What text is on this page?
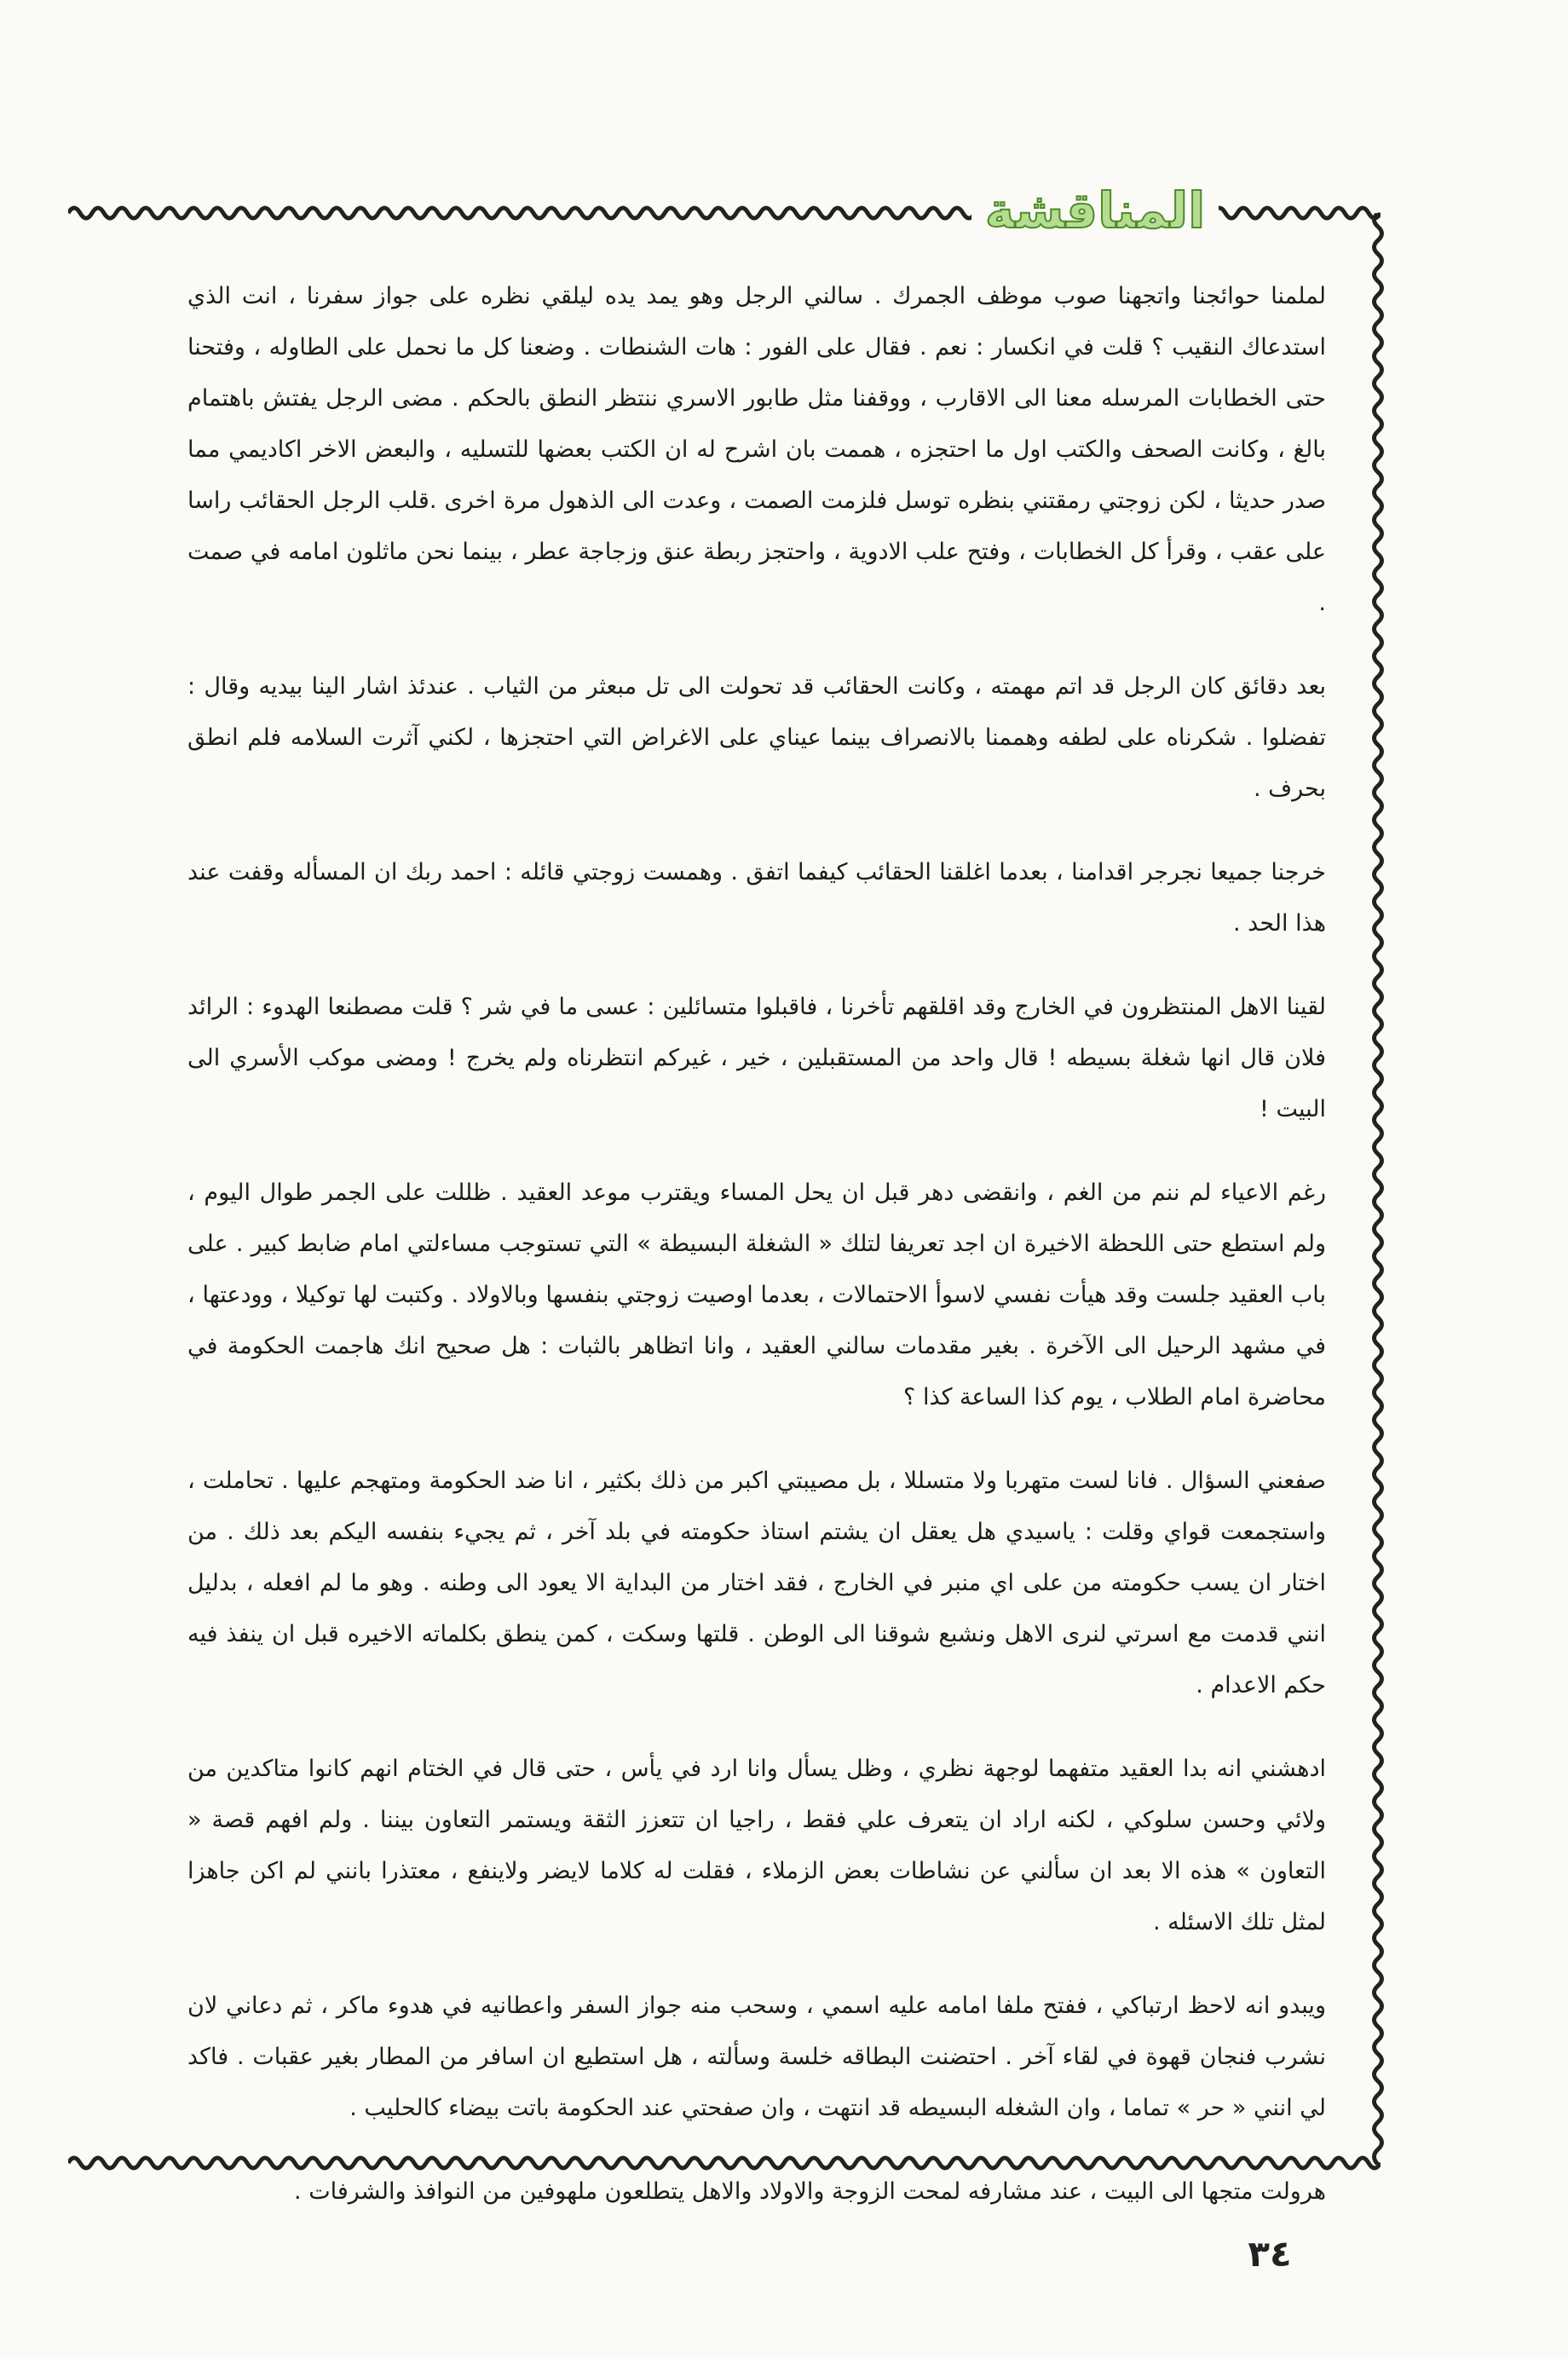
المناقشة

لملمنا حوائجنا واتجهنا صوب موظف الجمرك . سالني الرجل وهو يمد يده ليلقي نظره على جواز سفرنا ، انت الذي استدعاك النقيب ؟ قلت في انكسار : نعم . فقال على الفور : هات الشنطات . وضعنا كل ما نحمل على الطاوله ، وفتحنا حتى الخطابات المرسله معنا الى الاقارب ، ووقفنا مثل طابور الاسري ننتظر النطق بالحكم . مضى الرجل يفتش باهتمام بالغ ، وكانت الصحف والكتب اول ما احتجزه ، هممت بان اشرح له ان الكتب بعضها للتسليه ، والبعض الاخر اكاديمي مما صدر حديثا ، لكن زوجتي رمقتني بنظره توسل فلزمت الصمت ، وعدت الى الذهول مرة اخرى .قلب الرجل الحقائب راسا على عقب ، وقرأ كل الخطابات ، وفتح علب الادوية ، واحتجز ربطة عنق وزجاجة عطر ، بينما نحن ماثلون امامه في صمت .

بعد دقائق كان الرجل قد اتم مهمته ، وكانت الحقائب قد تحولت الى تل مبعثر من الثياب . عندئذ اشار الينا بيديه وقال : تفضلوا . شكرناه على لطفه وهممنا بالانصراف بينما عيناي على الاغراض التي احتجزها ، لكني آثرت السلامه فلم انطق بحرف .

خرجنا جميعا نجرجر اقدامنا ، بعدما اغلقنا الحقائب كيفما اتفق . وهمست زوجتي قائله : احمد ربك ان المسأله وقفت عند هذا الحد .

لقينا الاهل المنتظرون في الخارج وقد اقلقهم تأخرنا ، فاقبلوا متسائلين : عسى ما في شر ؟ قلت مصطنعا الهدوء : الرائد فلان قال انها شغلة بسيطه ! قال واحد من المستقبلين ، خير ، غيركم انتظرناه ولم يخرج ! ومضى موكب الأسري الى البيت !

رغم الاعياء لم ننم من الغم ، وانقضى دهر قبل ان يحل المساء ويقترب موعد العقيد . ظللت على الجمر طوال اليوم ، ولم استطع حتى اللحظة الاخيرة ان اجد تعريفا لتلك « الشغلة البسيطة » التي تستوجب مساءلتي امام ضابط كبير . على باب العقيد جلست وقد هيأت نفسي لاسوأ الاحتمالات ، بعدما اوصيت زوجتي بنفسها وبالاولاد . وكتبت لها توكيلا ، وودعتها ، في مشهد الرحيل الى الآخرة . بغير مقدمات سالني العقيد ، وانا اتظاهر بالثبات : هل صحيح انك هاجمت الحكومة في محاضرة امام الطلاب ، يوم كذا الساعة كذا ؟

صفعني السؤال . فانا لست متهربا ولا متسللا ، بل مصيبتي اكبر من ذلك بكثير ، انا ضد الحكومة ومتهجم عليها . تحاملت ، واستجمعت قواي وقلت : ياسيدي هل يعقل ان يشتم استاذ حكومته في بلد آخر ، ثم يجيء بنفسه اليكم بعد ذلك . من اختار ان يسب حكومته من على اي منبر في الخارج ، فقد اختار من البداية الا يعود الى وطنه . وهو ما لم افعله ، بدليل انني قدمت مع اسرتي لنرى الاهل ونشبع شوقنا الى الوطن . قلتها وسكت ، كمن ينطق بكلماته الاخيره قبل ان ينفذ فيه حكم الاعدام .

ادهشني انه بدا العقيد متفهما لوجهة نظري ، وظل يسأل وانا ارد في يأس ، حتى قال في الختام انهم كانوا متاكدين من ولائي وحسن سلوكي ، لكنه اراد ان يتعرف علي فقط ، راجيا ان تتعزز الثقة ويستمر التعاون بيننا . ولم افهم قصة « التعاون » هذه الا بعد ان سألني عن نشاطات بعض الزملاء ، فقلت له كلاما لايضر ولاينفع ، معتذرا بانني لم اكن جاهزا لمثل تلك الاسئله .

ويبدو انه لاحظ ارتباكي ، ففتح ملفا امامه عليه اسمي ، وسحب منه جواز السفر واعطانيه في هدوء ماكر ، ثم دعاني لان نشرب فنجان قهوة في لقاء آخر . احتضنت البطاقه خلسة وسألته ، هل استطيع ان اسافر من المطار بغير عقبات . فاكد لي انني « حر » تماما ، وان الشغله البسيطه قد انتهت ، وان صفحتي عند الحكومة باتت بيضاء كالحليب .

هرولت متجها الى البيت ، عند مشارفه لمحت الزوجة والاولاد والاهل يتطلعون ملهوفين من النوافذ والشرفات .

٣٤
